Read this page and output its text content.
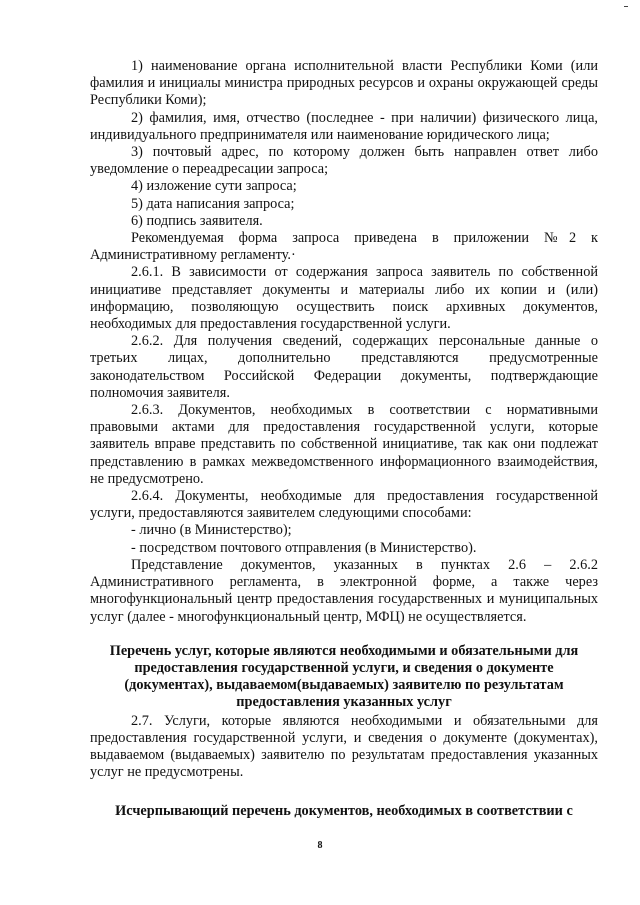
1) наименование органа исполнительной власти Республики Коми (или фамилия и инициалы министра природных ресурсов и охраны окружающей среды Республики Коми);

2) фамилия, имя, отчество (последнее - при наличии) физического лица, индивидуального предпринимателя или наименование юридического лица;

3) почтовый адрес, по которому должен быть направлен ответ либо уведомление о переадресации запроса;

4) изложение сути запроса;

5) дата написания запроса;

6) подпись заявителя.

Рекомендуемая форма запроса приведена в приложении №2 к Административному регламенту.·

2.6.1. В зависимости от содержания запроса заявитель по собственной инициативе представляет документы и материалы либо их копии и (или) информацию, позволяющую осуществить поиск архивных документов, необходимых для предоставления государственной услуги.

2.6.2. Для получения сведений, содержащих персональные данные о третьих лицах, дополнительно представляются предусмотренные законодательством Российской Федерации документы, подтверждающие полномочия заявителя.

2.6.3. Документов, необходимых в соответствии с нормативными правовыми актами для предоставления государственной услуги, которые заявитель вправе представить по собственной инициативе, так как они подлежат представлению в рамках межведомственного информационного взаимодействия, не предусмотрено.

2.6.4. Документы, необходимые для предоставления государственной услуги, предоставляются заявителем следующими способами:

- лично (в Министерство);

- посредством почтового отправления (в Министерство).

Представление документов, указанных в пунктах 2.6 – 2.6.2 Административного регламента, в электронной форме, а также через многофункциональный центр предоставления государственных и муниципальных услуг (далее - многофункциональный центр, МФЦ) не осуществляется.

Перечень услуг, которые являются необходимыми и обязательными для предоставления государственной услуги, и сведения о документе (документах), выдаваемом(выдаваемых) заявителю по результатам предоставления указанных услуг

2.7. Услуги, которые являются необходимыми и обязательными для предоставления государственной услуги, и сведения о документе (документах), выдаваемом (выдаваемых) заявителю по результатам предоставления указанных услуг не предусмотрены.

Исчерпывающий перечень документов, необходимых в соответствии с
8
